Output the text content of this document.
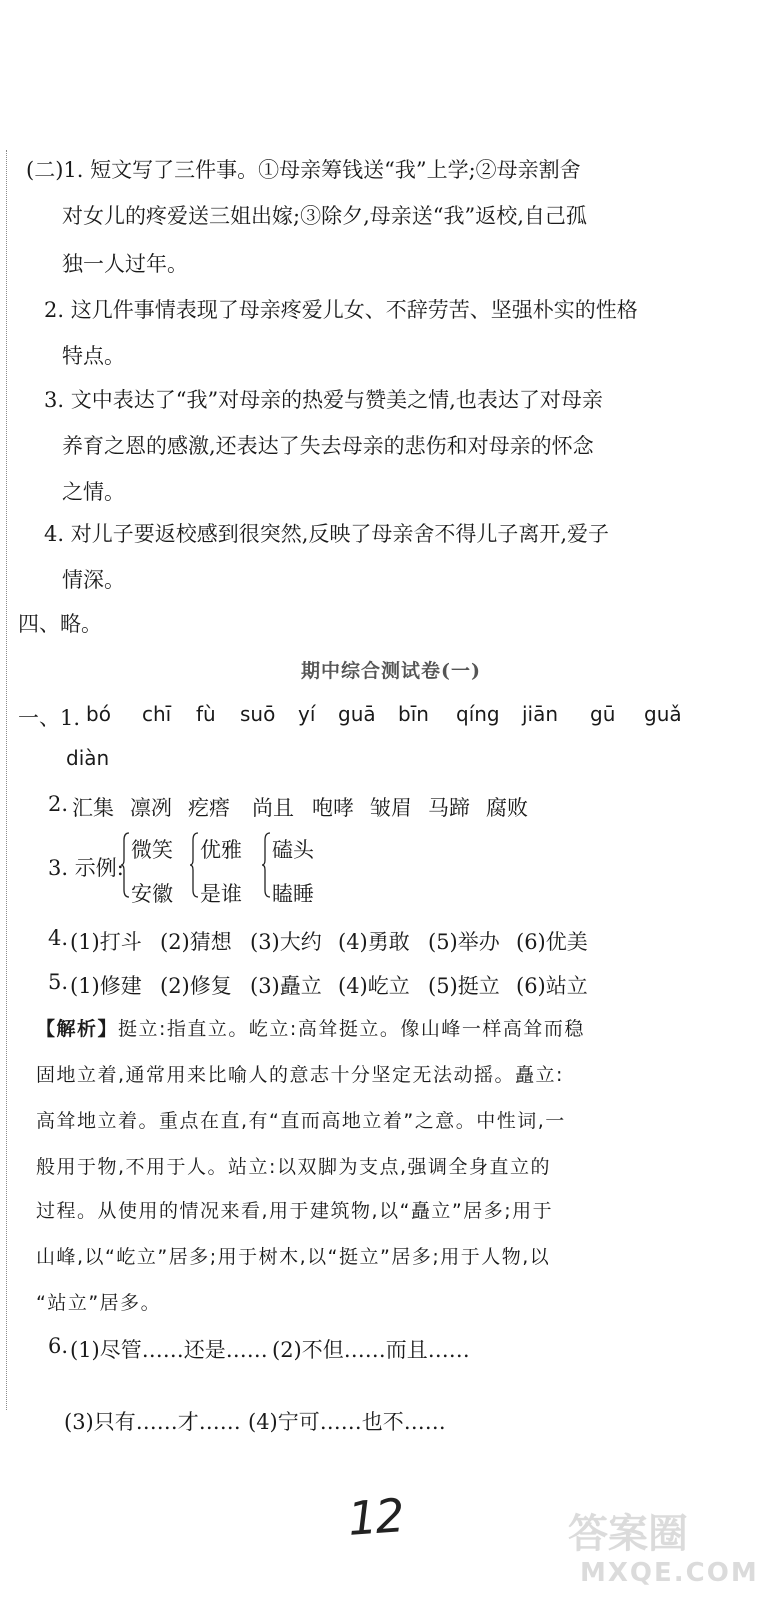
(二)1. 短文写了三件事。①母亲筹钱送“我”上学;②母亲割舍
对女儿的疼爱送三姐出嫁;③除夕,母亲送“我”返校,自己孤
独一人过年。
2. 这几件事情表现了母亲疼爱儿女、不辞劳苦、坚强朴实的性格
特点。
3. 文中表达了“我”对母亲的热爱与赞美之情,也表达了对母亲
养育之恩的感激,还表达了失去母亲的悲伤和对母亲的怀念
之情。
4. 对儿子要返校感到很突然,反映了母亲舍不得儿子离开,爱子
情深。
四、略。
期中综合测试卷(一)
一、1. bó chī fù suō yí guā bīn qíng jiān gū guǎ
diàn
2. 汇集 凛冽 疙瘩 尚且 咆哮 皱眉 马蹄 腐败
3. 示例:
微笑
安徽
优雅
是谁
磕头
瞌睡
4. (1)打斗 (2)猜想 (3)大约 (4)勇敢 (5)举办 (6)优美
5. (1)修建 (2)修复 (3)矗立 (4)屹立 (5)挺立 (6)站立
【解析】挺立:指直立。屹立:高耸挺立。像山峰一样高耸而稳
固地立着,通常用来比喻人的意志十分坚定无法动摇。矗立:
高耸地立着。重点在直,有“直而高地立着”之意。中性词,一
般用于物,不用于人。站立:以双脚为支点,强调全身直立的
过程。从使用的情况来看,用于建筑物,以“矗立”居多;用于
山峰,以“屹立”居多;用于树木,以“挺立”居多;用于人物,以
“站立”居多。
6. (1)尽管……还是…… (2)不但……而且……
(3)只有……才…… (4)宁可……也不……
12	答案圈
MXQE.COM
